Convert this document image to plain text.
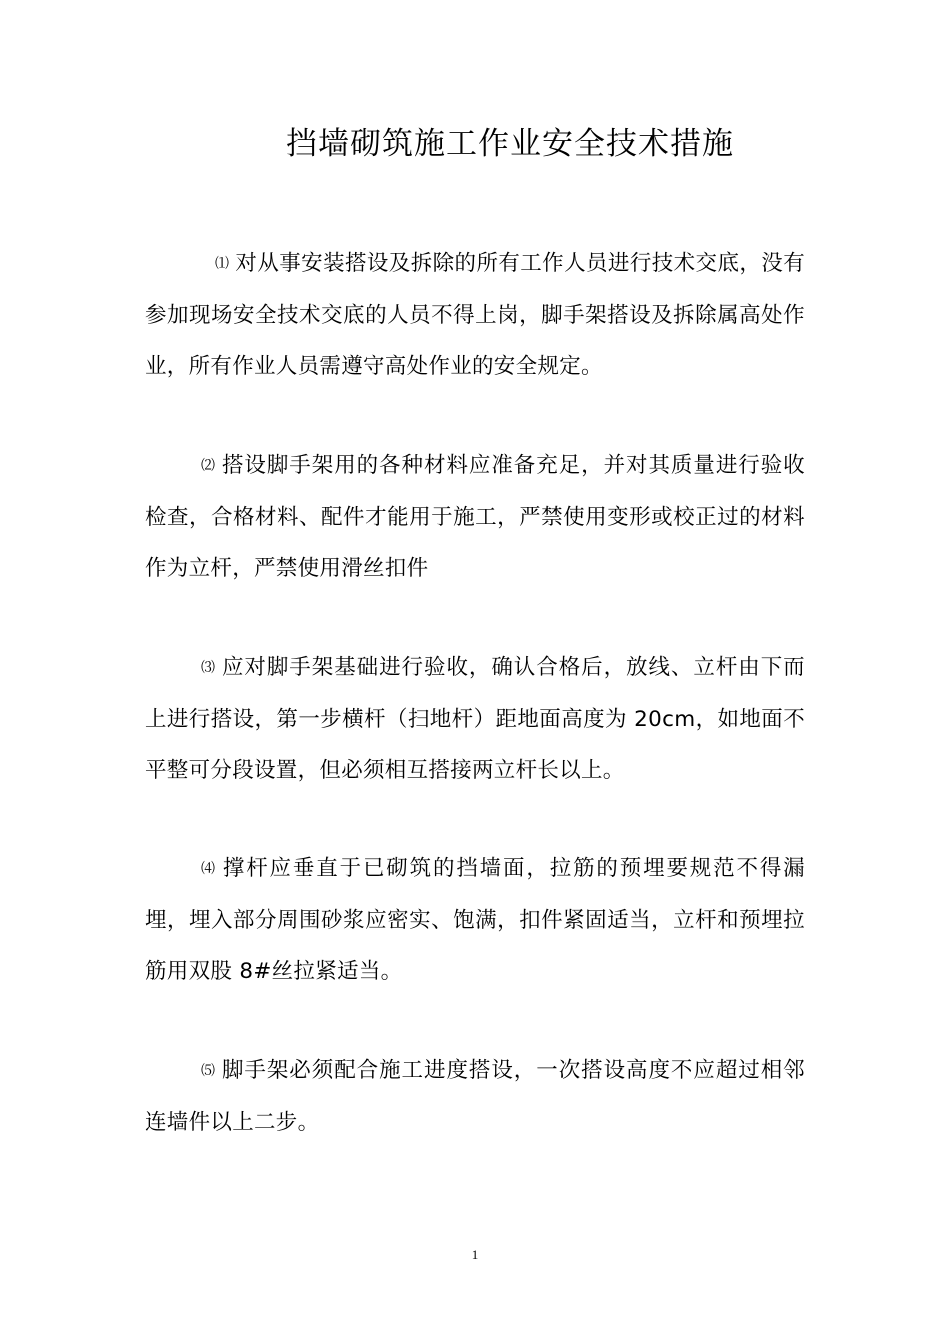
挡墙砌筑施工作业安全技术措施

⑴ 对从事安装搭设及拆除的所有工作人员进行技术交底，没有参加现场安全技术交底的人员不得上岗，脚手架搭设及拆除属高处作业，所有作业人员需遵守高处作业的安全规定。

⑵ 搭设脚手架用的各种材料应准备充足，并对其质量进行验收检查，合格材料、配件才能用于施工，严禁使用变形或校正过的材料作为立杆，严禁使用滑丝扣件

⑶ 应对脚手架基础进行验收，确认合格后，放线、立杆由下而上进行搭设，第一步横杆（扫地杆）距地面高度为 20cm，如地面不平整可分段设置，但必须相互搭接两立杆长以上。

⑷ 撑杆应垂直于已砌筑的挡墙面，拉筋的预埋要规范不得漏埋，埋入部分周围砂浆应密实、饱满，扣件紧固适当，立杆和预埋拉筋用双股 8#丝拉紧适当。

⑸ 脚手架必须配合施工进度搭设，一次搭设高度不应超过相邻连墙件以上二步。

1
